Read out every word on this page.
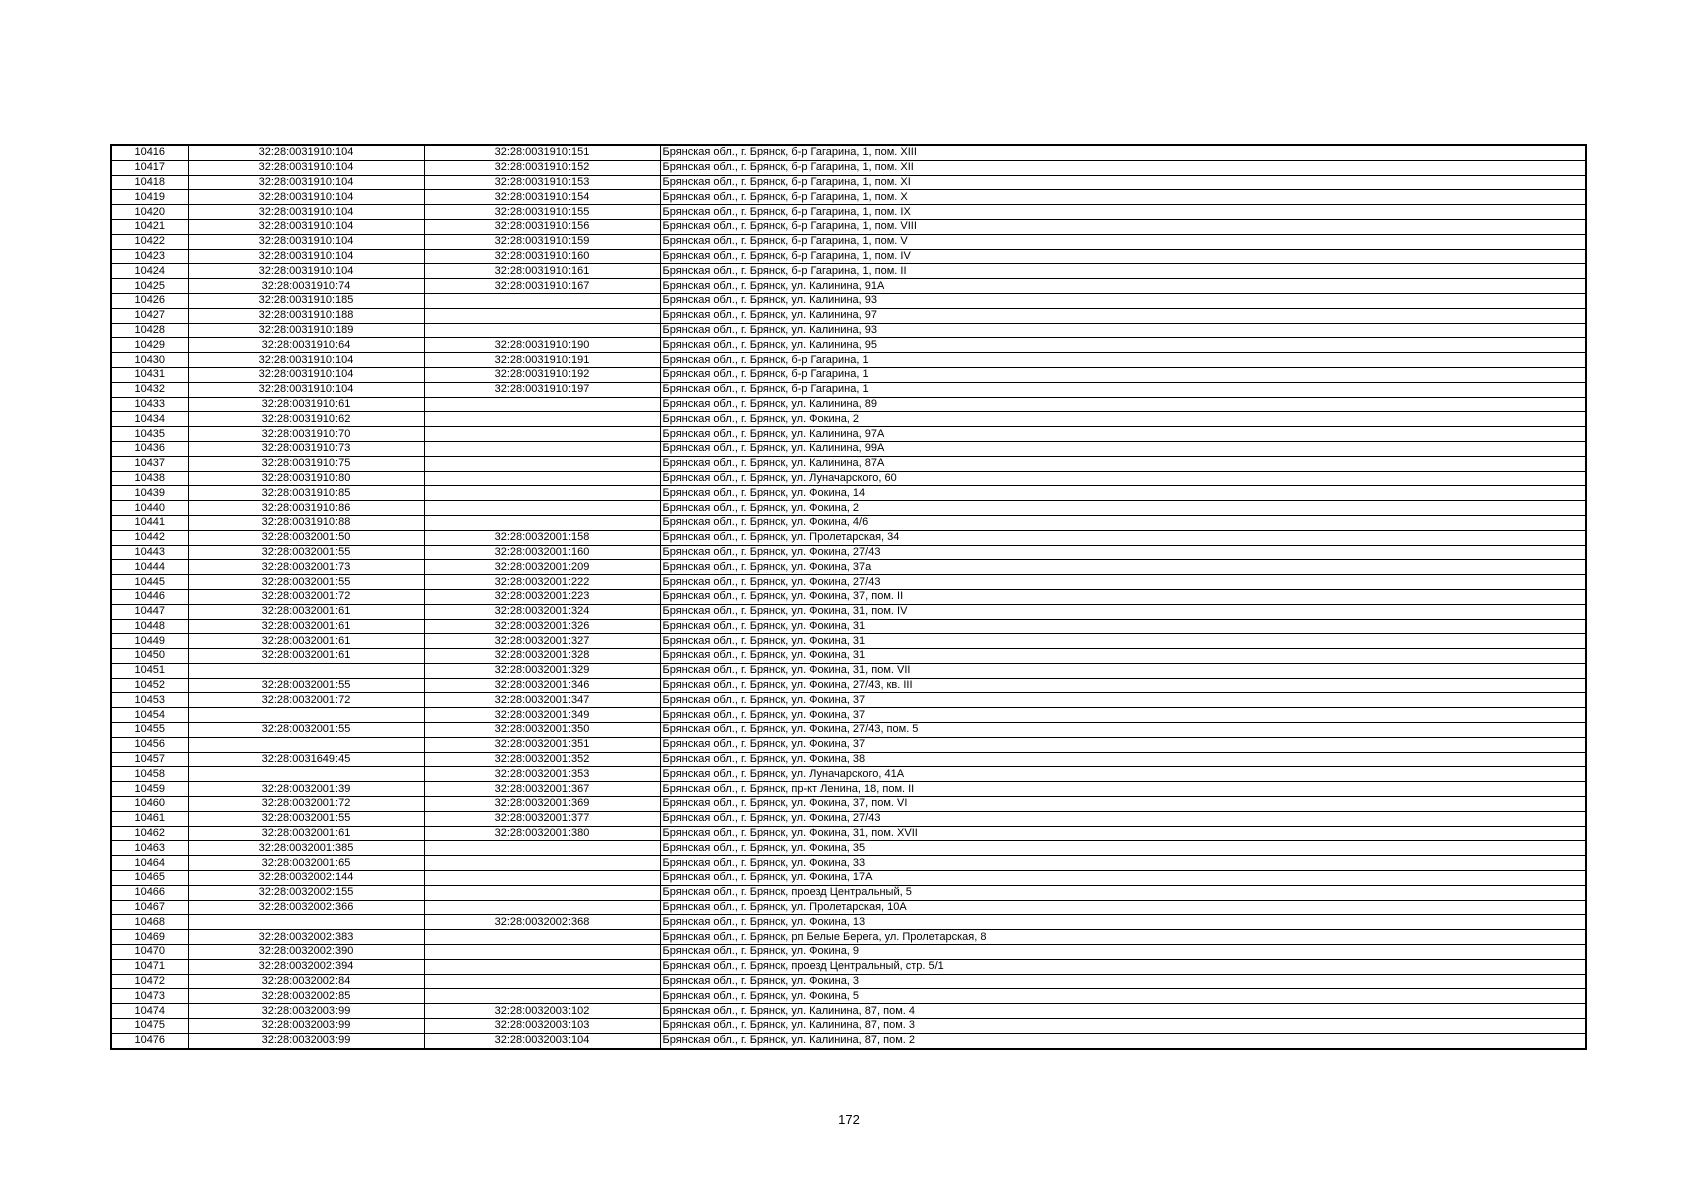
10416	32:28:0031910:104	32:28:0031910:151	Брянская обл., г. Брянск, б-р Гагарина, 1, пом. XIII
10417	32:28:0031910:104	32:28:0031910:152	Брянская обл., г. Брянск, б-р Гагарина, 1, пом. XII
10418	32:28:0031910:104	32:28:0031910:153	Брянская обл., г. Брянск, б-р Гагарина, 1, пом. XI
10419	32:28:0031910:104	32:28:0031910:154	Брянская обл., г. Брянск, б-р Гагарина, 1, пом. X
10420	32:28:0031910:104	32:28:0031910:155	Брянская обл., г. Брянск, б-р Гагарина, 1, пом. IX
10421	32:28:0031910:104	32:28:0031910:156	Брянская обл., г. Брянск, б-р Гагарина, 1, пом. VIII
10422	32:28:0031910:104	32:28:0031910:159	Брянская обл., г. Брянск, б-р Гагарина, 1, пом. V
10423	32:28:0031910:104	32:28:0031910:160	Брянская обл., г. Брянск, б-р Гагарина, 1, пом. IV
10424	32:28:0031910:104	32:28:0031910:161	Брянская обл., г. Брянск, б-р Гагарина, 1, пом. II
10425	32:28:0031910:74	32:28:0031910:167	Брянская обл., г. Брянск, ул. Калинина, 91А
10426	32:28:0031910:185		Брянская обл., г. Брянск, ул. Калинина, 93
10427	32:28:0031910:188		Брянская обл., г. Брянск, ул. Калинина, 97
10428	32:28:0031910:189		Брянская обл., г. Брянск, ул. Калинина, 93
10429	32:28:0031910:64	32:28:0031910:190	Брянская обл., г. Брянск, ул. Калинина, 95
10430	32:28:0031910:104	32:28:0031910:191	Брянская обл., г. Брянск, б-р Гагарина, 1
10431	32:28:0031910:104	32:28:0031910:192	Брянская обл., г. Брянск, б-р Гагарина, 1
10432	32:28:0031910:104	32:28:0031910:197	Брянская обл., г. Брянск, б-р Гагарина, 1
10433	32:28:0031910:61		Брянская обл., г. Брянск, ул. Калинина, 89
10434	32:28:0031910:62		Брянская обл., г. Брянск, ул. Фокина, 2
10435	32:28:0031910:70		Брянская обл., г. Брянск, ул. Калинина, 97А
10436	32:28:0031910:73		Брянская обл., г. Брянск, ул. Калинина, 99А
10437	32:28:0031910:75		Брянская обл., г. Брянск, ул. Калинина, 87А
10438	32:28:0031910:80		Брянская обл., г. Брянск, ул. Луначарского, 60
10439	32:28:0031910:85		Брянская обл., г. Брянск, ул. Фокина, 14
10440	32:28:0031910:86		Брянская обл., г. Брянск, ул. Фокина, 2
10441	32:28:0031910:88		Брянская обл., г. Брянск, ул. Фокина, 4/6
10442	32:28:0032001:50	32:28:0032001:158	Брянская обл., г. Брянск, ул. Пролетарская, 34
10443	32:28:0032001:55	32:28:0032001:160	Брянская обл., г. Брянск, ул. Фокина, 27/43
10444	32:28:0032001:73	32:28:0032001:209	Брянская обл., г. Брянск, ул. Фокина, 37а
10445	32:28:0032001:55	32:28:0032001:222	Брянская обл., г. Брянск, ул. Фокина, 27/43
10446	32:28:0032001:72	32:28:0032001:223	Брянская обл., г. Брянск, ул. Фокина, 37, пом. II
10447	32:28:0032001:61	32:28:0032001:324	Брянская обл., г. Брянск, ул. Фокина, 31, пом. IV
10448	32:28:0032001:61	32:28:0032001:326	Брянская обл., г. Брянск, ул. Фокина, 31
10449	32:28:0032001:61	32:28:0032001:327	Брянская обл., г. Брянск, ул. Фокина, 31
10450	32:28:0032001:61	32:28:0032001:328	Брянская обл., г. Брянск, ул. Фокина, 31
10451		32:28:0032001:329	Брянская обл., г. Брянск, ул. Фокина, 31, пом. VII
10452	32:28:0032001:55	32:28:0032001:346	Брянская обл., г. Брянск, ул. Фокина, 27/43, кв. III
10453	32:28:0032001:72	32:28:0032001:347	Брянская обл., г. Брянск, ул. Фокина, 37
10454		32:28:0032001:349	Брянская обл., г. Брянск, ул. Фокина, 37
10455	32:28:0032001:55	32:28:0032001:350	Брянская обл., г. Брянск, ул. Фокина, 27/43, пом. 5
10456		32:28:0032001:351	Брянская обл., г. Брянск, ул. Фокина, 37
10457	32:28:0031649:45	32:28:0032001:352	Брянская обл., г. Брянск, ул. Фокина, 38
10458		32:28:0032001:353	Брянская обл., г. Брянск, ул. Луначарского, 41А
10459	32:28:0032001:39	32:28:0032001:367	Брянская обл., г. Брянск, пр-кт Ленина, 18, пом. II
10460	32:28:0032001:72	32:28:0032001:369	Брянская обл., г. Брянск, ул. Фокина, 37, пом. VI
10461	32:28:0032001:55	32:28:0032001:377	Брянская обл., г. Брянск, ул. Фокина, 27/43
10462	32:28:0032001:61	32:28:0032001:380	Брянская обл., г. Брянск, ул. Фокина, 31, пом. XVII
10463	32:28:0032001:385		Брянская обл., г. Брянск, ул. Фокина, 35
10464	32:28:0032001:65		Брянская обл., г. Брянск, ул. Фокина, 33
10465	32:28:0032002:144		Брянская обл., г. Брянск, ул. Фокина, 17А
10466	32:28:0032002:155		Брянская обл., г. Брянск, проезд Центральный, 5
10467	32:28:0032002:366		Брянская обл., г. Брянск, ул. Пролетарская, 10А
10468		32:28:0032002:368	Брянская обл., г. Брянск, ул. Фокина, 13
10469	32:28:0032002:383		Брянская обл., г. Брянск, рп Белые Берега, ул. Пролетарская, 8
10470	32:28:0032002:390		Брянская обл., г. Брянск, ул. Фокина, 9
10471	32:28:0032002:394		Брянская обл., г. Брянск, проезд Центральный, стр. 5/1
10472	32:28:0032002:84		Брянская обл., г. Брянск, ул. Фокина, 3
10473	32:28:0032002:85		Брянская обл., г. Брянск, ул. Фокина, 5
10474	32:28:0032003:99	32:28:0032003:102	Брянская обл., г. Брянск, ул. Калинина, 87, пом. 4
10475	32:28:0032003:99	32:28:0032003:103	Брянская обл., г. Брянск, ул. Калинина, 87, пом. 3
10476	32:28:0032003:99	32:28:0032003:104	Брянская обл., г. Брянск, ул. Калинина, 87, пом. 2
172
